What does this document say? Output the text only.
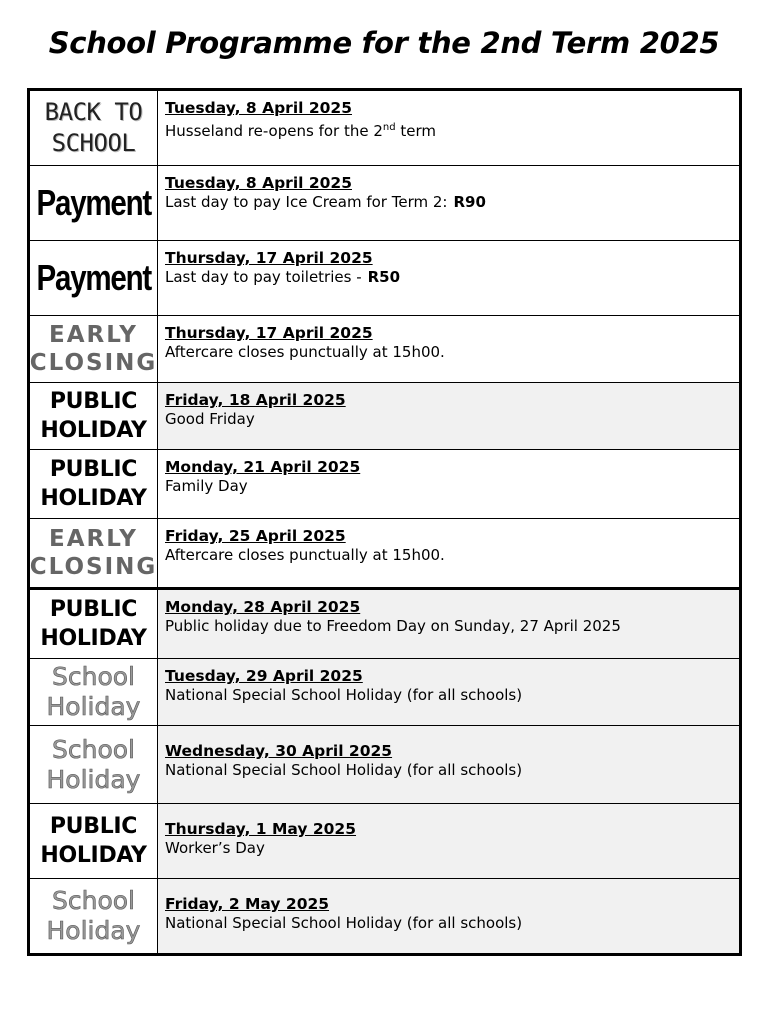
School Programme for the 2nd Term 2025
BACK TO
SCHOOL
Tuesday, 8 April 2025
Husseland re-opens for the 2nd term
Payment Tuesday, 8 April 2025
Last day to pay Ice Cream for Term 2: R90
Payment Thursday, 17 April 2025
Last day to pay toiletries - R50
EARLY
CLOSING
Thursday, 17 April 2025
Aftercare closes punctually at 15h00.
PUBLIC
HOLIDAY
Friday, 18 April 2025
Good Friday
PUBLIC
HOLIDAY
Monday, 21 April 2025
Family Day
EARLY
CLOSING
Friday, 25 April 2025
Aftercare closes punctually at 15h00.
PUBLIC
HOLIDAY
Monday, 28 April 2025
Public holiday due to Freedom Day on Sunday, 27 April 2025
School
Holiday
Tuesday, 29 April 2025
National Special School Holiday (for all schools)
School
Holiday
Wednesday, 30 April 2025
National Special School Holiday (for all schools)
PUBLIC
HOLIDAY
Thursday, 1 May 2025
Worker’s Day
School
Holiday
Friday, 2 May 2025
National Special School Holiday (for all schools)
